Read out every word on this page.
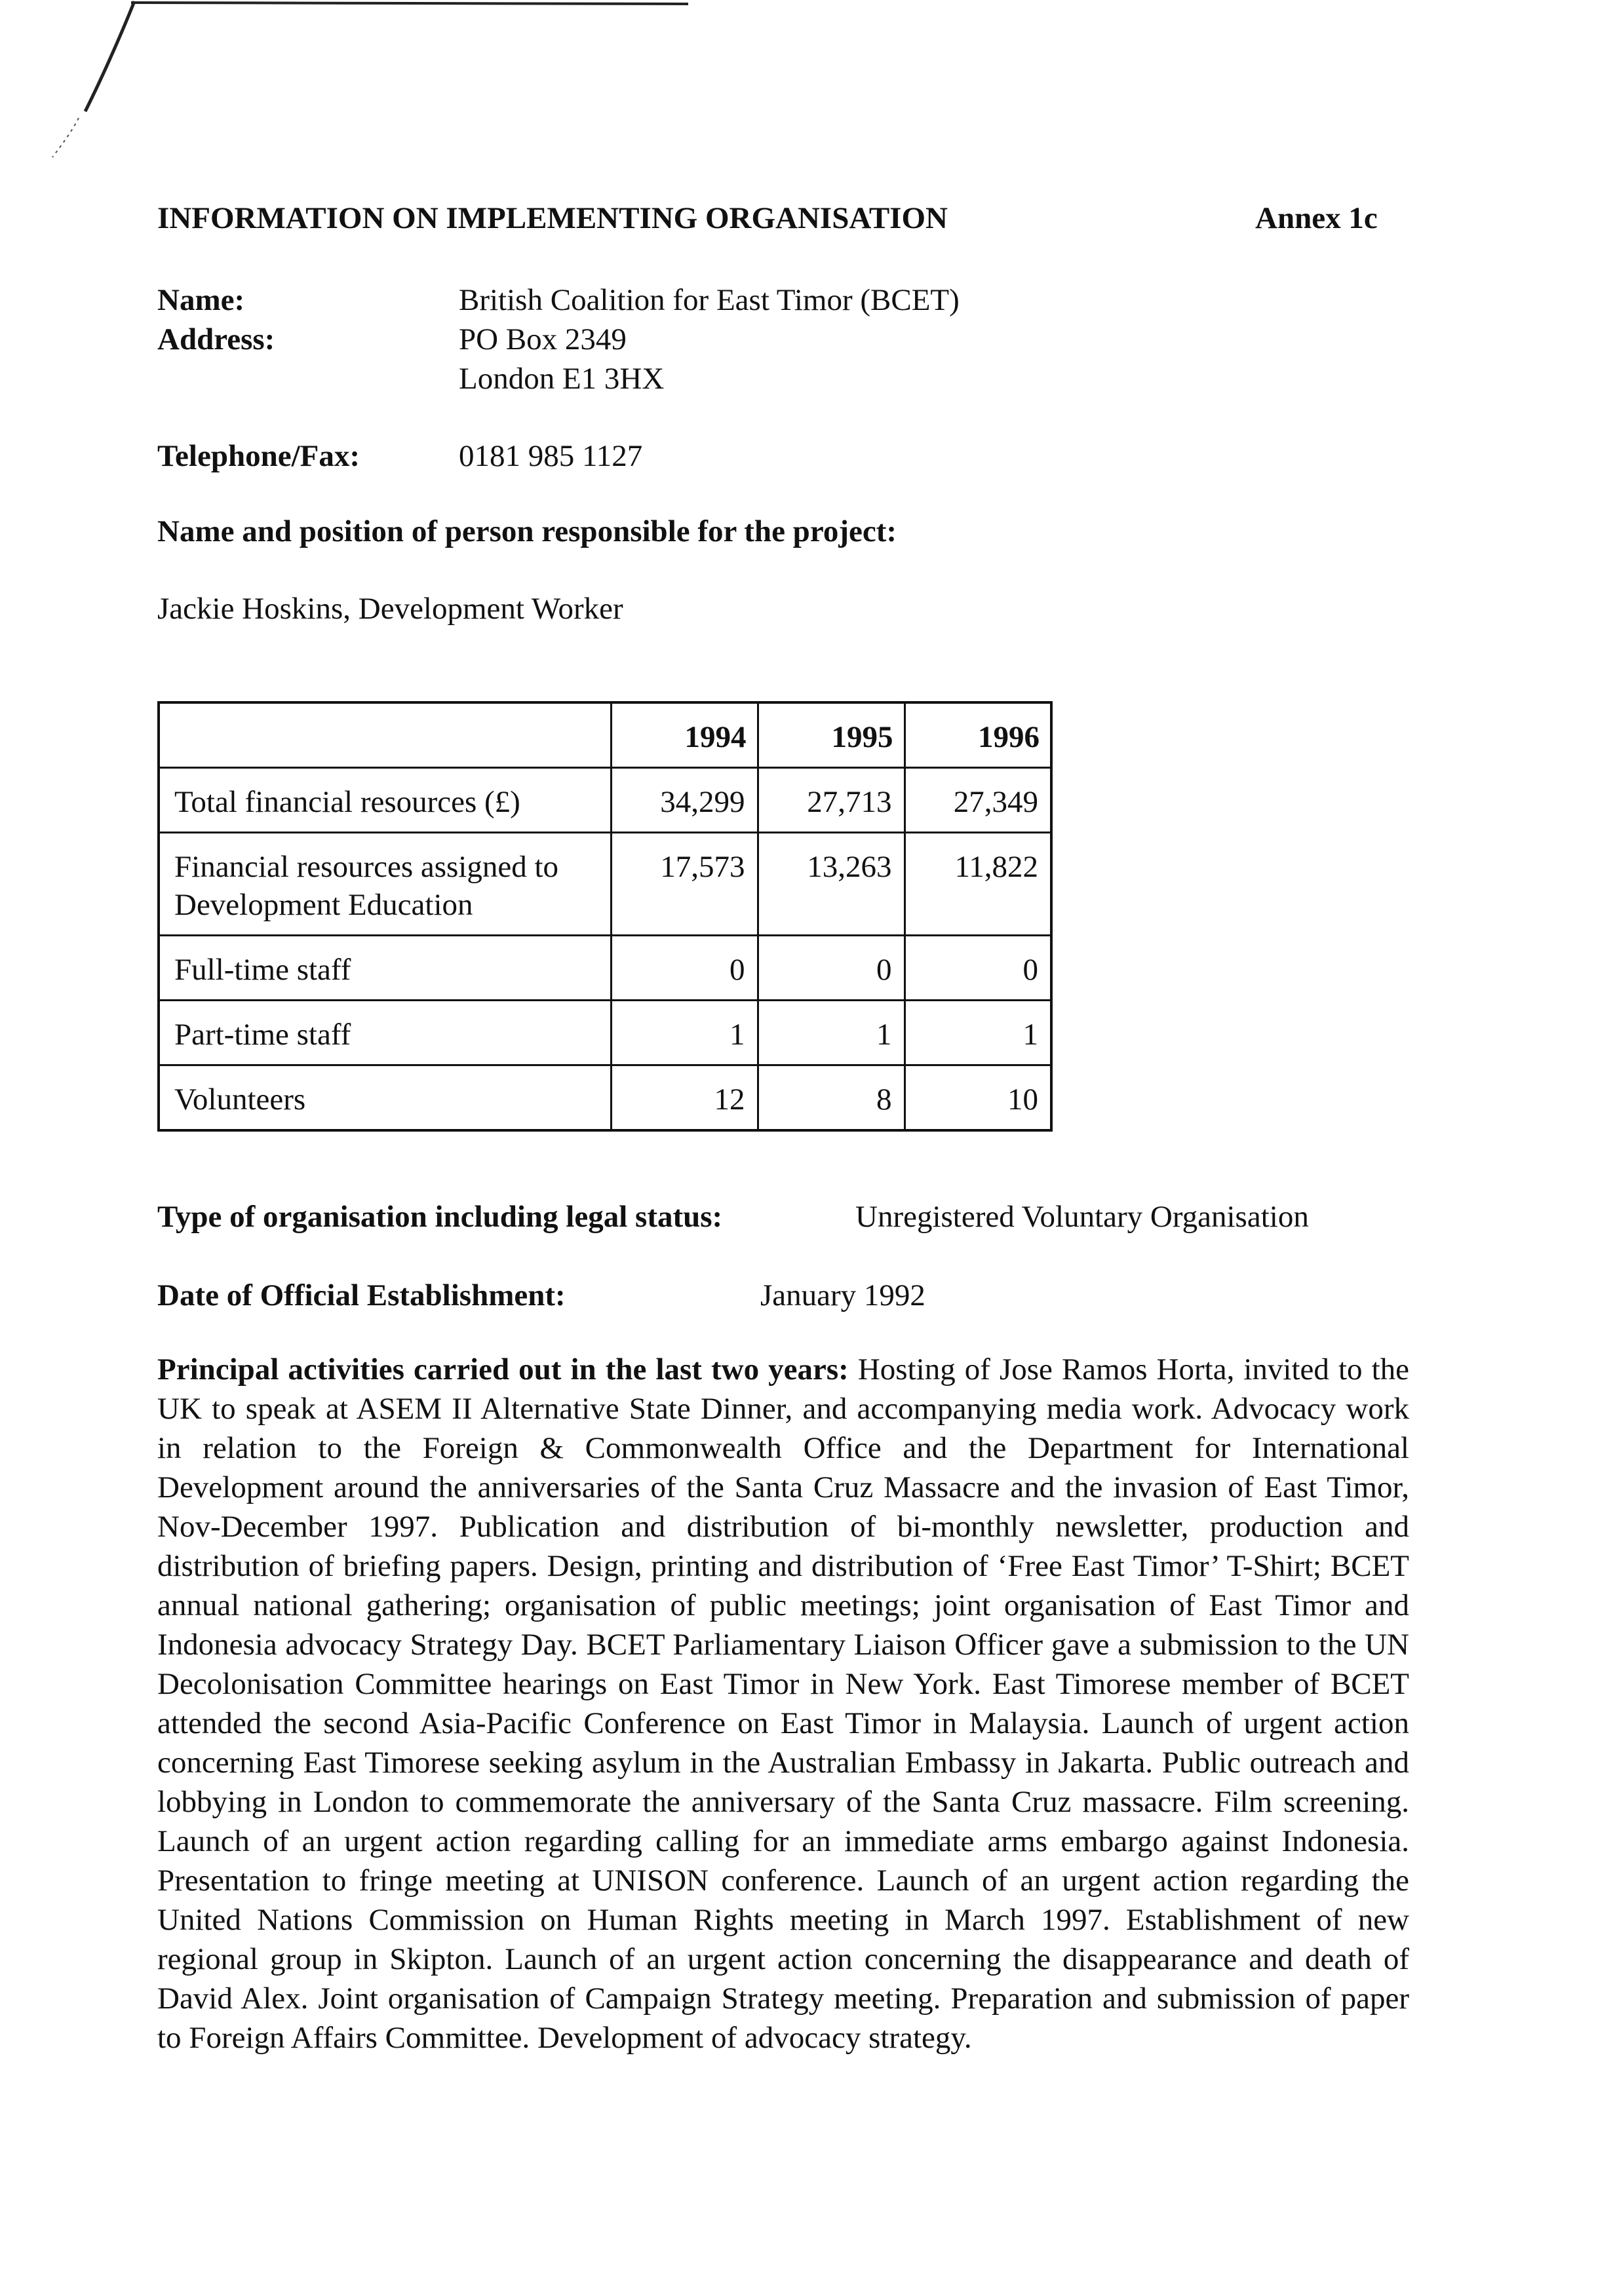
INFORMATION ON IMPLEMENTING ORGANISATION	Annex 1c
Name:	British Coalition for East Timor (BCET)
Address:	PO Box 2349
London E1 3HX
Telephone/Fax:	0181 985 1127
Name and position of person responsible for the project:
Jackie Hoskins, Development Worker
	1994	1995	1996
Total financial resources (£)	34,299	27,713	27,349
Financial resources assigned to Development Education	17,573	13,263	11,822
Full-time staff	0	0	0
Part-time staff	1	1	1
Volunteers	12	8	10
Type of organisation including legal status:	Unregistered Voluntary Organisation
Date of Official Establishment:	January 1992
Principal activities carried out in the last two years: Hosting of Jose Ramos Horta, invited to the UK to speak at ASEM II Alternative State Dinner, and accompanying media work. Advocacy work in relation to the Foreign & Commonwealth Office and the Department for International Development around the anniversaries of the Santa Cruz Massacre and the invasion of East Timor, Nov-December 1997. Publication and distribution of bi-monthly newsletter, production and distribution of briefing papers. Design, printing and distribution of ‘Free East Timor’ T-Shirt; BCET annual national gathering; organisation of public meetings; joint organisation of East Timor and Indonesia advocacy Strategy Day. BCET Parliamentary Liaison Officer gave a submission to the UN Decolonisation Committee hearings on East Timor in New York. East Timorese member of BCET attended the second Asia-Pacific Conference on East Timor in Malaysia. Launch of urgent action concerning East Timorese seeking asylum in the Australian Embassy in Jakarta. Public outreach and lobbying in London to commemorate the anniversary of the Santa Cruz massacre. Film screening. Launch of an urgent action regarding calling for an immediate arms embargo against Indonesia. Presentation to fringe meeting at UNISON conference. Launch of an urgent action regarding the United Nations Commission on Human Rights meeting in March 1997. Establishment of new regional group in Skipton. Launch of an urgent action concerning the disappearance and death of David Alex. Joint organisation of Campaign Strategy meeting. Preparation and submission of paper to Foreign Affairs Committee. Development of advocacy strategy.
